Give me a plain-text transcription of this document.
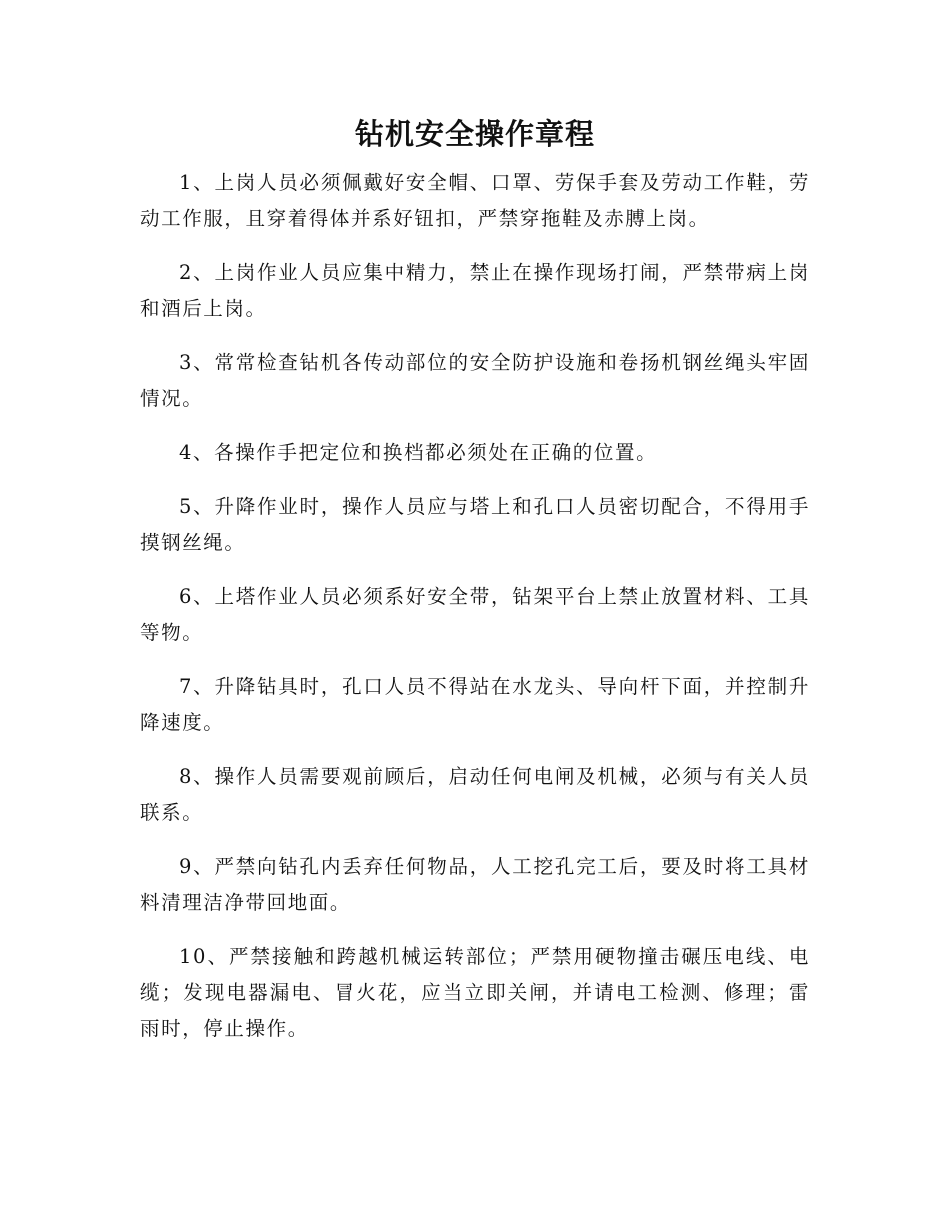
钻机安全操作章程

1、上岗人员必须佩戴好安全帽、口罩、劳保手套及劳动工作鞋，劳动工作服，且穿着得体并系好钮扣，严禁穿拖鞋及赤膊上岗。

2、上岗作业人员应集中精力，禁止在操作现场打闹，严禁带病上岗和酒后上岗。

3、常常检查钻机各传动部位的安全防护设施和卷扬机钢丝绳头牢固情况。

4、各操作手把定位和换档都必须处在正确的位置。

5、升降作业时，操作人员应与塔上和孔口人员密切配合，不得用手摸钢丝绳。

6、上塔作业人员必须系好安全带，钻架平台上禁止放置材料、工具等物。

7、升降钻具时，孔口人员不得站在水龙头、导向杆下面，并控制升降速度。

8、操作人员需要观前顾后，启动任何电闸及机械，必须与有关人员联系。

9、严禁向钻孔内丢弃任何物品，人工挖孔完工后，要及时将工具材料清理洁净带回地面。

10、严禁接触和跨越机械运转部位；严禁用硬物撞击碾压电线、电缆；发现电器漏电、冒火花，应当立即关闸，并请电工检测、修理；雷雨时，停止操作。
